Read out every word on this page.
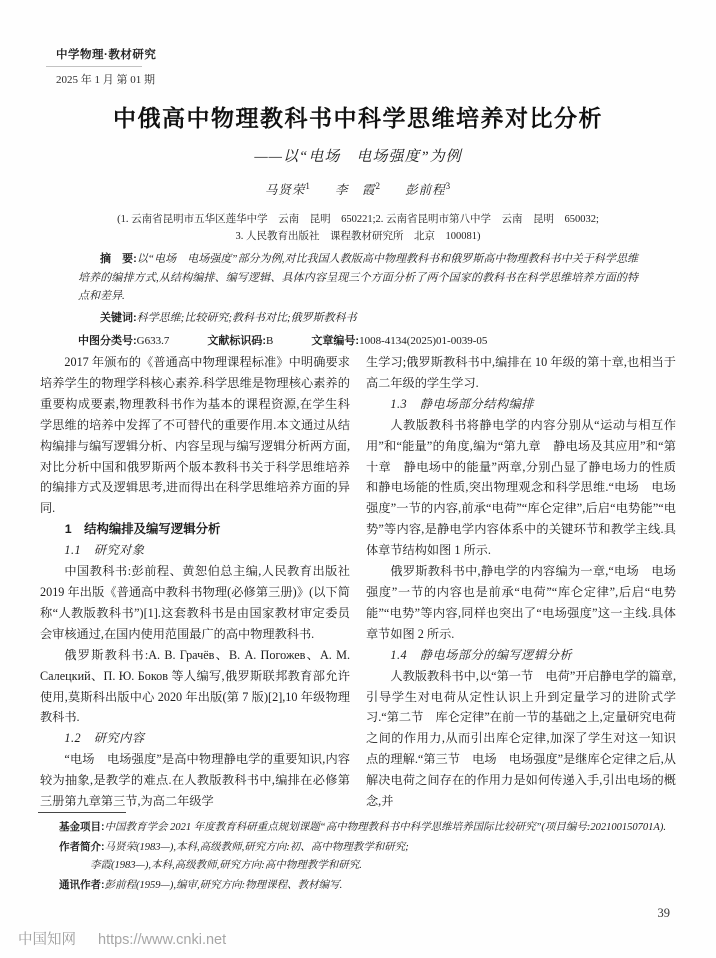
中学物理·教材研究
2025 年 1 月 第 01 期
中俄高中物理教科书中科学思维培养对比分析
——以“电场　电场强度”为例
马贤荣$^1$ 李　霞$^2$ 彭前程$^3$
(1. 云南省昆明市五华区莲华中学　云南　昆明　650221;2. 云南省昆明市第八中学　云南　昆明　650032;
3. 人民教育出版社　课程教材研究所　北京　100081)

摘　要:以“电场　电场强度”部分为例,对比我国人教版高中物理教科书和俄罗斯高中物理教科书中关于科学思维培养的编排方式,从结构编排、编写逻辑、具体内容呈现三个方面分析了两个国家的教科书在科学思维培养方面的特点和差异.

关键词:科学思维;比较研究;教科书对比;俄罗斯教科书

中图分类号:G633.7	文献标识码:B	文章编号:1008-4134(2025)01-0039-05

2017 年颁布的《普通高中物理课程标准》中明确要求培养学生的物理学科核心素养.科学思维是物理核心素养的重要构成要素,物理教科书作为基本的课程资源,在学生科学思维的培养中发挥了不可替代的重要作用.本文通过从结构编排与编写逻辑分析、内容呈现与编写逻辑分析两方面,对比分析中国和俄罗斯两个版本教科书关于科学思维培养的编排方式及逻辑思考,进而得出在科学思维培养方面的异同.

1　结构编排及编写逻辑分析

1.1　研究对象

中国教科书:彭前程、黄恕伯总主编,人民教育出版社 2019 年出版《普通高中教科书物理(必修第三册)》(以下简称“人教版教科书”)[1].这套教科书是由国家教材审定委员会审核通过,在国内使用范围最广的高中物理教科书.

俄罗斯教科书:А. В. Грачёв、В. А. Погожев、А. М. Салецкий、П. Ю. Боков 等人编写,俄罗斯联邦教育部允许使用,莫斯科出版中心 2020 年出版(第 7 版)[2],10 年级物理教科书.

1.2　研究内容

“电场　电场强度”是高中物理静电学的重要知识,内容较为抽象,是教学的难点.在人教版教科书中,编排在必修第三册第九章第三节,为高二年级学

生学习;俄罗斯教科书中,编排在 10 年级的第十章,也相当于高二年级的学生学习.

1.3　静电场部分结构编排

人教版教科书将静电学的内容分别从“运动与相互作用”和“能量”的角度,编为“第九章　静电场及其应用”和“第十章　静电场中的能量”两章,分别凸显了静电场力的性质和静电场能的性质,突出物理观念和科学思维.“电场　电场强度”一节的内容,前承“电荷”“库仑定律”,后启“电势能”“电势”等内容,是静电学内容体系中的关键环节和教学主线.具体章节结构如图 1 所示.

俄罗斯教科书中,静电学的内容编为一章,“电场　电场强度”一节的内容也是前承“电荷”“库仑定律”,后启“电势能”“电势”等内容,同样也突出了“电场强度”这一主线.具体章节如图 2 所示.

1.4　静电场部分的编写逻辑分析

人教版教科书中,以“第一节　电荷”开启静电学的篇章,引导学生对电荷从定性认识上升到定量学习的进阶式学习.“第二节　库仑定律”在前一节的基础之上,定量研究电荷之间的作用力,从而引出库仑定律,加深了学生对这一知识点的理解.“第三节　电场　电场强度”是继库仑定律之后,从解决电荷之间存在的作用力是如何传递入手,引出电场的概念,并

基金项目:中国教育学会 2021 年度教育科研重点规划课题“高中物理教科书中科学思维培养国际比较研究”(项目编号:202100150701A).

作者简介:马贤荣(1983—),本科,高级教师,研究方向:初、高中物理教学和研究;

李霞(1983—),本科,高级教师,研究方向:高中物理教学和研究.

通讯作者:彭前程(1959—),编审,研究方向:物理课程、教材编写.

39
中国知网 https://www.cnki.net
